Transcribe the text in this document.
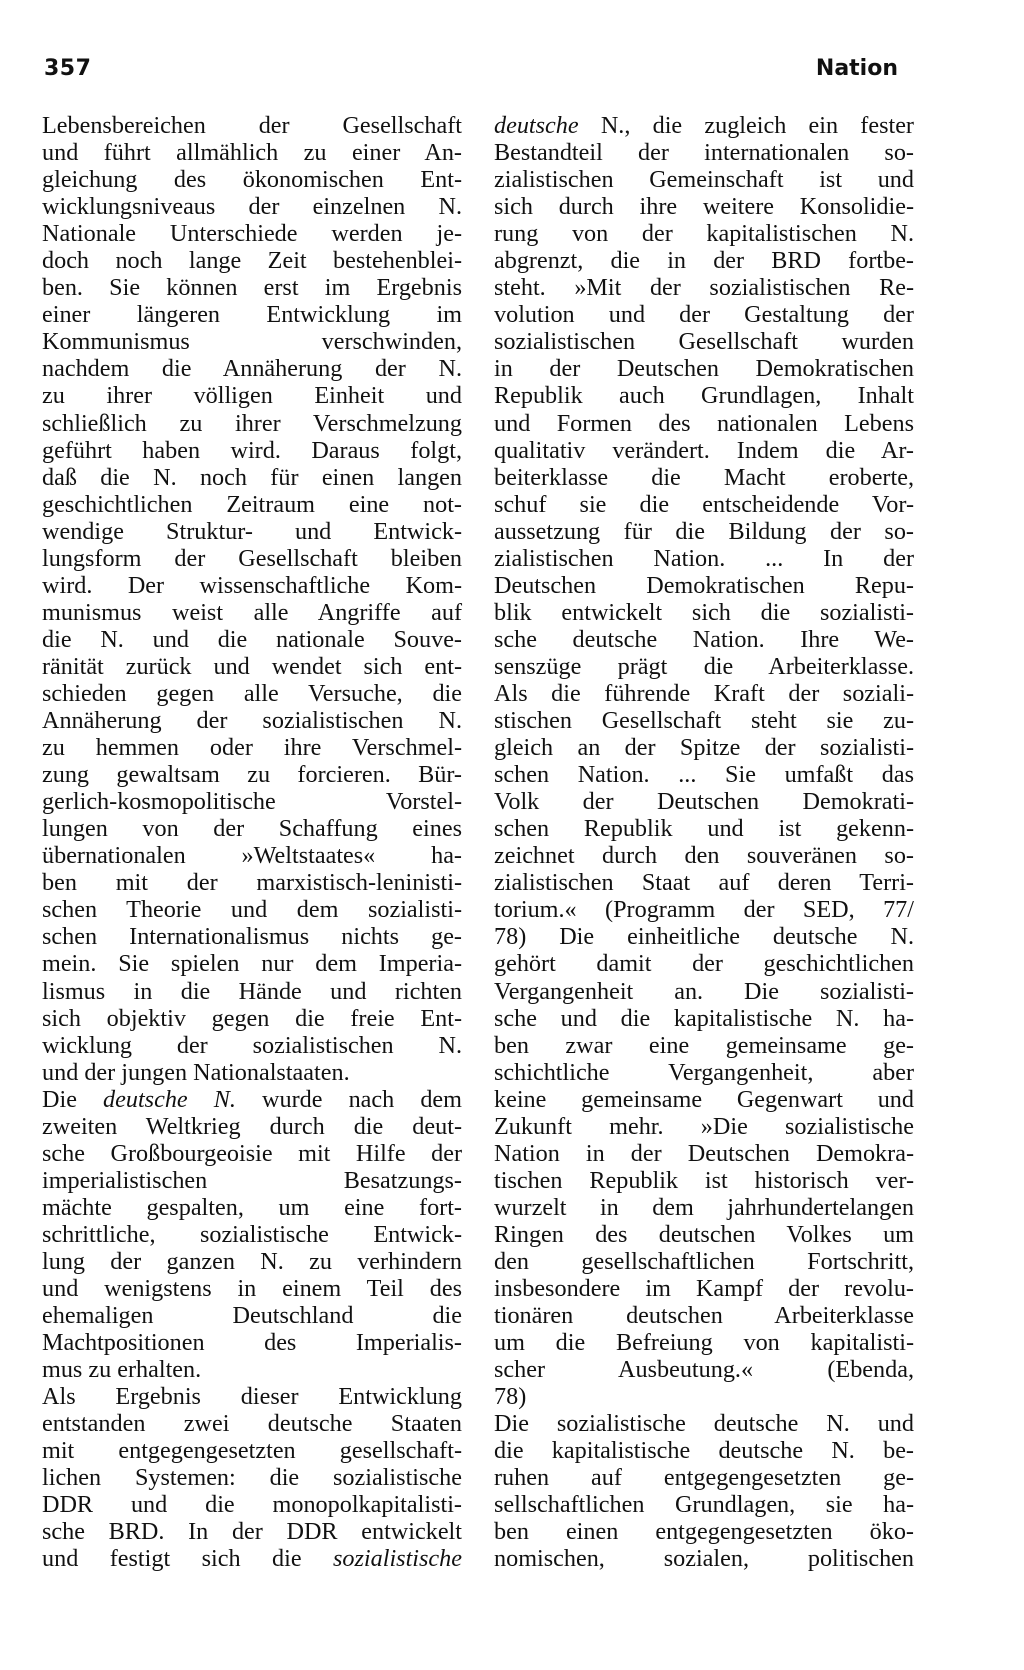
357	Nation
Lebensbereichen der Gesellschaft
und führt allmählich zu einer An-
gleichung des ökonomischen Ent-
wicklungsniveaus der einzelnen N.
Nationale Unterschiede werden je-
doch noch lange Zeit bestehenblei-
ben. Sie können erst im Ergebnis
einer längeren Entwicklung im
Kommunismus verschwinden,
nachdem die Annäherung der N.
zu ihrer völligen Einheit und
schließlich zu ihrer Verschmelzung
geführt haben wird. Daraus folgt,
daß die N. noch für einen langen
geschichtlichen Zeitraum eine not-
wendige Struktur- und Entwick-
lungsform der Gesellschaft bleiben
wird. Der wissenschaftliche Kom-
munismus weist alle Angriffe auf
die N. und die nationale Souve-
ränität zurück und wendet sich ent-
schieden gegen alle Versuche, die
Annäherung der sozialistischen N.
zu hemmen oder ihre Verschmel-
zung gewaltsam zu forcieren. Bür-
gerlich-kosmopolitische Vorstel-
lungen von der Schaffung eines
übernationalen »Weltstaates« ha-
ben mit der marxistisch-leninisti-
schen Theorie und dem sozialisti-
schen Internationalismus nichts ge-
mein. Sie spielen nur dem Imperia-
lismus in die Hände und richten
sich objektiv gegen die freie Ent-
wicklung der sozialistischen N.
und der jungen Nationalstaaten.
Die deutsche N. wurde nach dem
zweiten Weltkrieg durch die deut-
sche Großbourgeoisie mit Hilfe der
imperialistischen Besatzungs-
mächte gespalten, um eine fort-
schrittliche, sozialistische Entwick-
lung der ganzen N. zu verhindern
und wenigstens in einem Teil des
ehemaligen Deutschland die
Machtpositionen des Imperialis-
mus zu erhalten.
Als Ergebnis dieser Entwicklung
entstanden zwei deutsche Staaten
mit entgegengesetzten gesellschaft-
lichen Systemen: die sozialistische
DDR und die monopolkapitalisti-
sche BRD. In der DDR entwickelt
und festigt sich die sozialistische
deutsche N., die zugleich ein fester
Bestandteil der internationalen so-
zialistischen Gemeinschaft ist und
sich durch ihre weitere Konsolidie-
rung von der kapitalistischen N.
abgrenzt, die in der BRD fortbe-
steht. »Mit der sozialistischen Re-
volution und der Gestaltung der
sozialistischen Gesellschaft wurden
in der Deutschen Demokratischen
Republik auch Grundlagen, Inhalt
und Formen des nationalen Lebens
qualitativ verändert. Indem die Ar-
beiterklasse die Macht eroberte,
schuf sie die entscheidende Vor-
aussetzung für die Bildung der so-
zialistischen Nation. ... In der
Deutschen Demokratischen Repu-
blik entwickelt sich die sozialisti-
sche deutsche Nation. Ihre We-
senszüge prägt die Arbeiterklasse.
Als die führende Kraft der soziali-
stischen Gesellschaft steht sie zu-
gleich an der Spitze der sozialisti-
schen Nation. ... Sie umfaßt das
Volk der Deutschen Demokrati-
schen Republik und ist gekenn-
zeichnet durch den souveränen so-
zialistischen Staat auf deren Terri-
torium.« (Programm der SED, 77/
78) Die einheitliche deutsche N.
gehört damit der geschichtlichen
Vergangenheit an. Die sozialisti-
sche und die kapitalistische N. ha-
ben zwar eine gemeinsame ge-
schichtliche Vergangenheit, aber
keine gemeinsame Gegenwart und
Zukunft mehr. »Die sozialistische
Nation in der Deutschen Demokra-
tischen Republik ist historisch ver-
wurzelt in dem jahrhundertelangen
Ringen des deutschen Volkes um
den gesellschaftlichen Fortschritt,
insbesondere im Kampf der revolu-
tionären deutschen Arbeiterklasse
um die Befreiung von kapitalisti-
scher Ausbeutung.« (Ebenda,
78)
Die sozialistische deutsche N. und
die kapitalistische deutsche N. be-
ruhen auf entgegengesetzten ge-
sellschaftlichen Grundlagen, sie ha-
ben einen entgegengesetzten öko-
nomischen, sozialen, politischen
